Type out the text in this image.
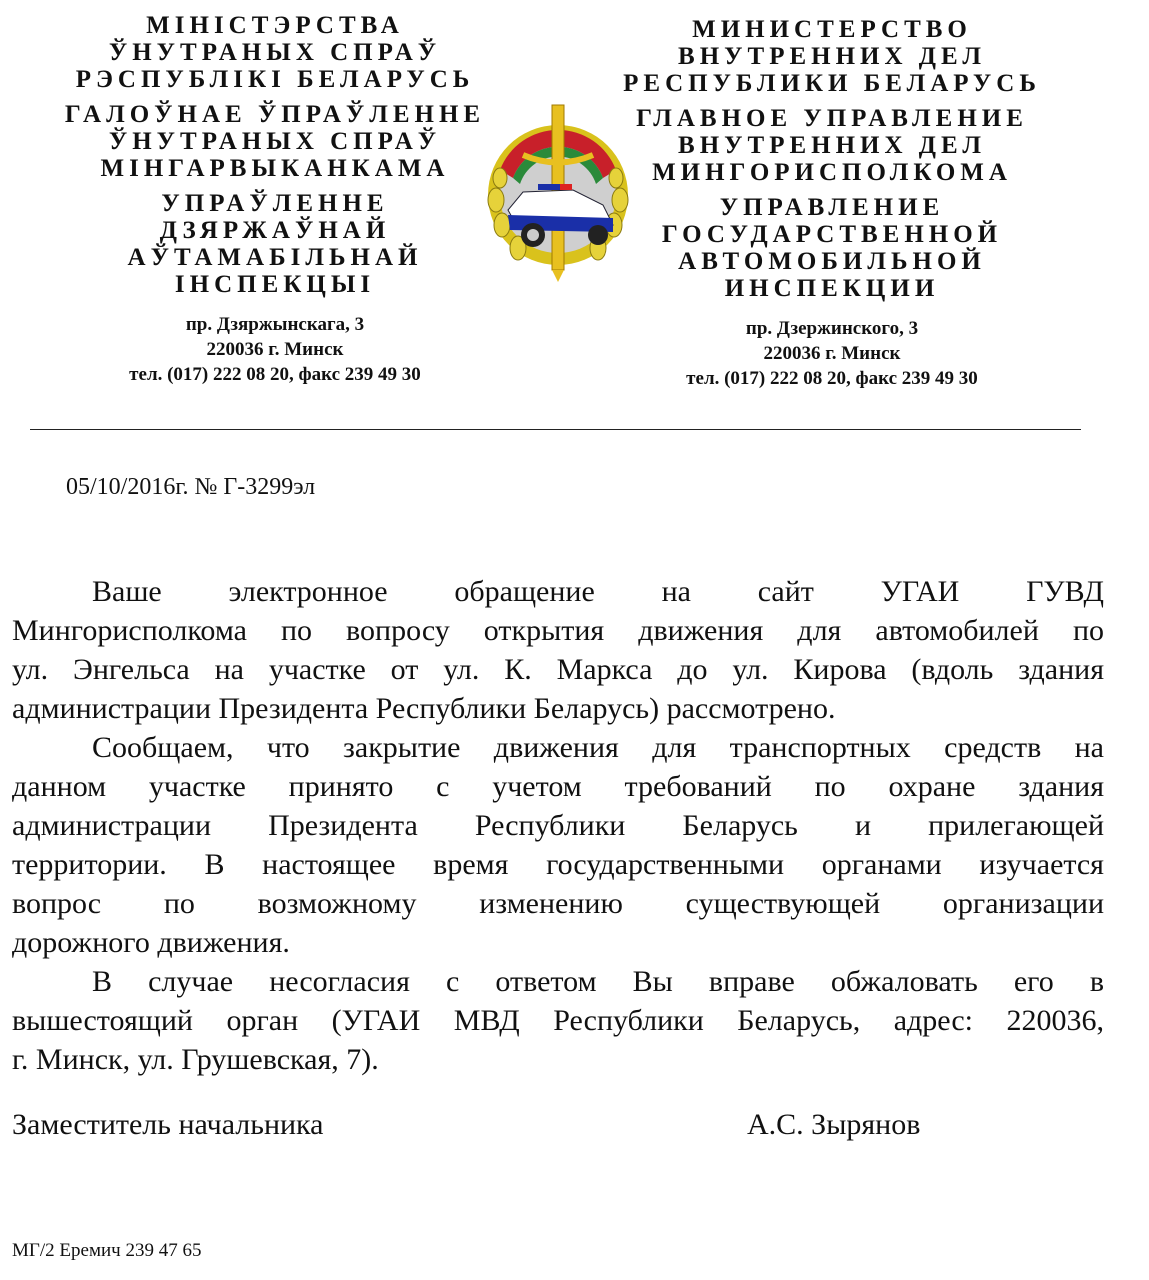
МІНІСТЭРСТВА
ЎНУТРАНЫХ СПРАЎ
РЭСПУБЛІКІ БЕЛАРУСЬ
ГАЛОЎНАЕ ЎПРАЎЛЕННЕ
ЎНУТРАНЫХ СПРАЎ
МІНГАРВЫКАНКАМА
УПРАЎЛЕННЕ
ДЗЯРЖАЎНАЙ
АЎТАМАБІЛЬНАЙ
ІНСПЕКЦЫІ
пр. Дзяржынскага, 3
220036 г. Минск
тел. (017) 222 08 20, факс 239 49 30
МИНИСТЕРСТВО
ВНУТРЕННИХ ДЕЛ
РЕСПУБЛИКИ БЕЛАРУСЬ
ГЛАВНОЕ УПРАВЛЕНИЕ
ВНУТРЕННИХ ДЕЛ
МИНГОРИСПОЛКОМА
УПРАВЛЕНИЕ
ГОСУДАРСТВЕННОЙ
АВТОМОБИЛЬНОЙ
ИНСПЕКЦИИ
пр. Дзержинского, 3
220036 г. Минск
тел. (017) 222 08 20, факс 239 49 30
05/10/2016г. № Г-3299эл
Ваше электронное обращение на сайт УГАИ ГУВД
Мингорисполкома по вопросу открытия движения для автомобилей по
ул. Энгельса на участке от ул. К. Маркса до ул. Кирова (вдоль здания
администрации Президента Республики Беларусь) рассмотрено.
Сообщаем, что закрытие движения для транспортных средств на
данном участке принято с учетом требований по охране здания
администрации Президента Республики Беларусь и прилегающей
территории. В настоящее время государственными органами изучается
вопрос по возможному изменению существующей организации
дорожного движения.
В случае несогласия с ответом Вы вправе обжаловать его в
вышестоящий орган (УГАИ МВД Республики Беларусь, адрес: 220036,
г. Минск, ул. Грушевская, 7).
Заместитель начальника	А.С. Зырянов
МГ/2 Еремич 239 47 65
